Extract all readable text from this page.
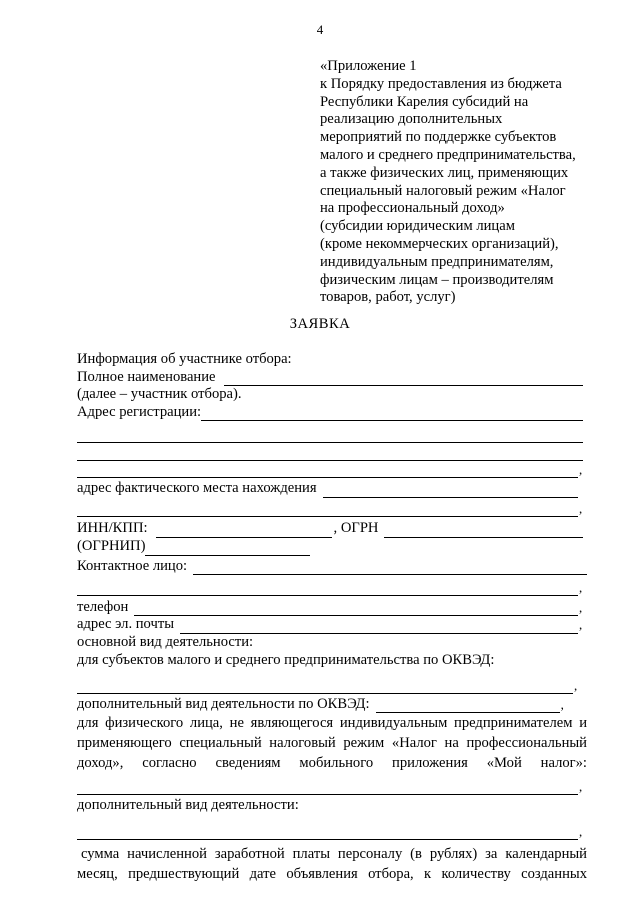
4
«Приложение 1
к Порядку предоставления из бюджета
Республики Карелия субсидий на
реализацию дополнительных
мероприятий по поддержке субъектов
малого и среднего предпринимательства,
а также физических лиц, применяющих
специальный налоговый режим «Налог
на профессиональный доход»
(субсидии юридическим лицам
(кроме некоммерческих организаций),
индивидуальным предпринимателям,
физическим лицам – производителям
товаров, работ, услуг)
ЗАЯВКА
Информация об участнике отбора:
Полное наименование
(далее – участник отбора).
Адрес регистрации:
,
адрес фактического места нахождения
,
ИНН/КПП:	, ОГРН
(ОГРНИП)
Контактное лицо:
,
телефон	,
адрес эл. почты	,
основной вид деятельности:
для субъектов малого и среднего предпринимательства по ОКВЭД:
,
дополнительный вид деятельности по ОКВЭД:	,
для физического лица, не являющегося индивидуальным предпринимателем и применяющего специальный налоговый режим «Налог на профессиональный доход», согласно сведениям мобильного приложения «Мой налог»:
,
дополнительный вид деятельности:
,
сумма начисленной заработной платы персоналу (в рублях) за календарный
месяц, предшествующий дате объявления отбора, к количеству созданных
